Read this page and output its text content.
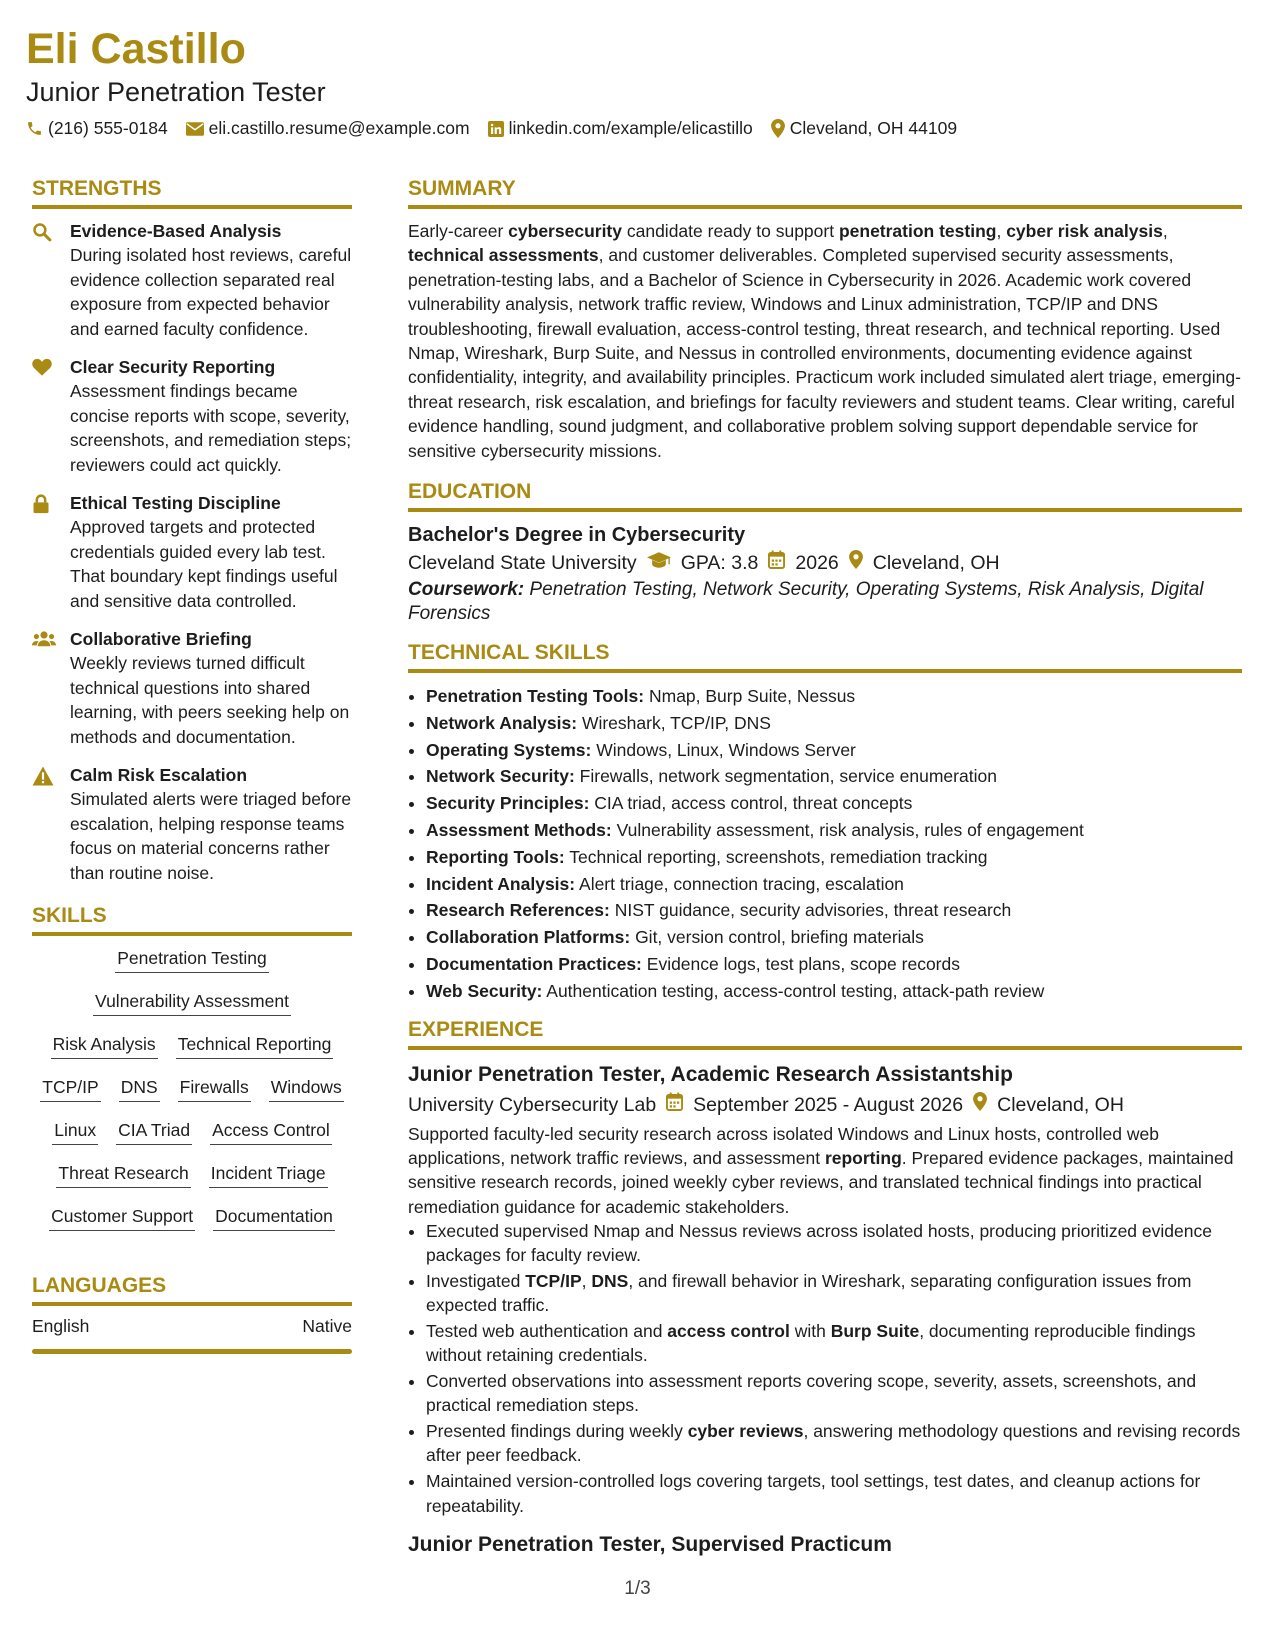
Eli Castillo
Junior Penetration Tester
(216) 555-0184 eli.castillo.resume@example.com linkedin.com/example/elicastillo Cleveland, OH 44109
STRENGTHS
Evidence-Based Analysis
During isolated host reviews, careful evidence collection separated real exposure from expected behavior and earned faculty confidence.
Clear Security Reporting
Assessment findings became concise reports with scope, severity, screenshots, and remediation steps; reviewers could act quickly.
Ethical Testing Discipline
Approved targets and protected credentials guided every lab test. That boundary kept findings useful and sensitive data controlled.
Collaborative Briefing
Weekly reviews turned difficult technical questions into shared learning, with peers seeking help on methods and documentation.
Calm Risk Escalation
Simulated alerts were triaged before escalation, helping response teams focus on material concerns rather than routine noise.
SKILLS
Penetration Testing
Vulnerability Assessment
Risk Analysis Technical Reporting
TCP/IP DNS Firewalls Windows
Linux CIA Triad Access Control
Threat Research Incident Triage
Customer Support Documentation
LANGUAGES
English	Native
SUMMARY

Early-career cybersecurity candidate ready to support penetration testing, cyber risk analysis, technical assessments, and customer deliverables. Completed supervised security assessments, penetration-testing labs, and a Bachelor of Science in Cybersecurity in 2026. Academic work covered vulnerability analysis, network traffic review, Windows and Linux administration, TCP/IP and DNS troubleshooting, firewall evaluation, access-control testing, threat research, and technical reporting. Used Nmap, Wireshark, Burp Suite, and Nessus in controlled environments, documenting evidence against confidentiality, integrity, and availability principles. Practicum work included simulated alert triage, emerging-threat research, risk escalation, and briefings for faculty reviewers and student teams. Clear writing, careful evidence handling, sound judgment, and collaborative problem solving support dependable service for sensitive cybersecurity missions.

EDUCATION
Bachelor's Degree in Cybersecurity
Cleveland State University GPA: 3.8 2026 Cleveland, OH
Coursework: Penetration Testing, Network Security, Operating Systems, Risk Analysis, Digital Forensics
TECHNICAL SKILLS
• Penetration Testing Tools: Nmap, Burp Suite, Nessus
• Network Analysis: Wireshark, TCP/IP, DNS
• Operating Systems: Windows, Linux, Windows Server
• Network Security: Firewalls, network segmentation, service enumeration
• Security Principles: CIA triad, access control, threat concepts
• Assessment Methods: Vulnerability assessment, risk analysis, rules of engagement
• Reporting Tools: Technical reporting, screenshots, remediation tracking
• Incident Analysis: Alert triage, connection tracing, escalation
• Research References: NIST guidance, security advisories, threat research
• Collaboration Platforms: Git, version control, briefing materials
• Documentation Practices: Evidence logs, test plans, scope records
• Web Security: Authentication testing, access-control testing, attack-path review
EXPERIENCE
Junior Penetration Tester, Academic Research Assistantship
University Cybersecurity Lab September 2025 - August 2026 Cleveland, OH

Supported faculty-led security research across isolated Windows and Linux hosts, controlled web applications, network traffic reviews, and assessment reporting. Prepared evidence packages, maintained sensitive research records, joined weekly cyber reviews, and translated technical findings into practical remediation guidance for academic stakeholders.

• Executed supervised Nmap and Nessus reviews across isolated hosts, producing prioritized evidence packages for faculty review.
• Investigated TCP/IP, DNS, and firewall behavior in Wireshark, separating configuration issues from expected traffic.
• Tested web authentication and access control with Burp Suite, documenting reproducible findings without retaining credentials.
• Converted observations into assessment reports covering scope, severity, assets, screenshots, and practical remediation steps.
• Presented findings during weekly cyber reviews, answering methodology questions and revising records after peer feedback.
• Maintained version-controlled logs covering targets, tool settings, test dates, and cleanup actions for repeatability.
Junior Penetration Tester, Supervised Practicum
1/3
